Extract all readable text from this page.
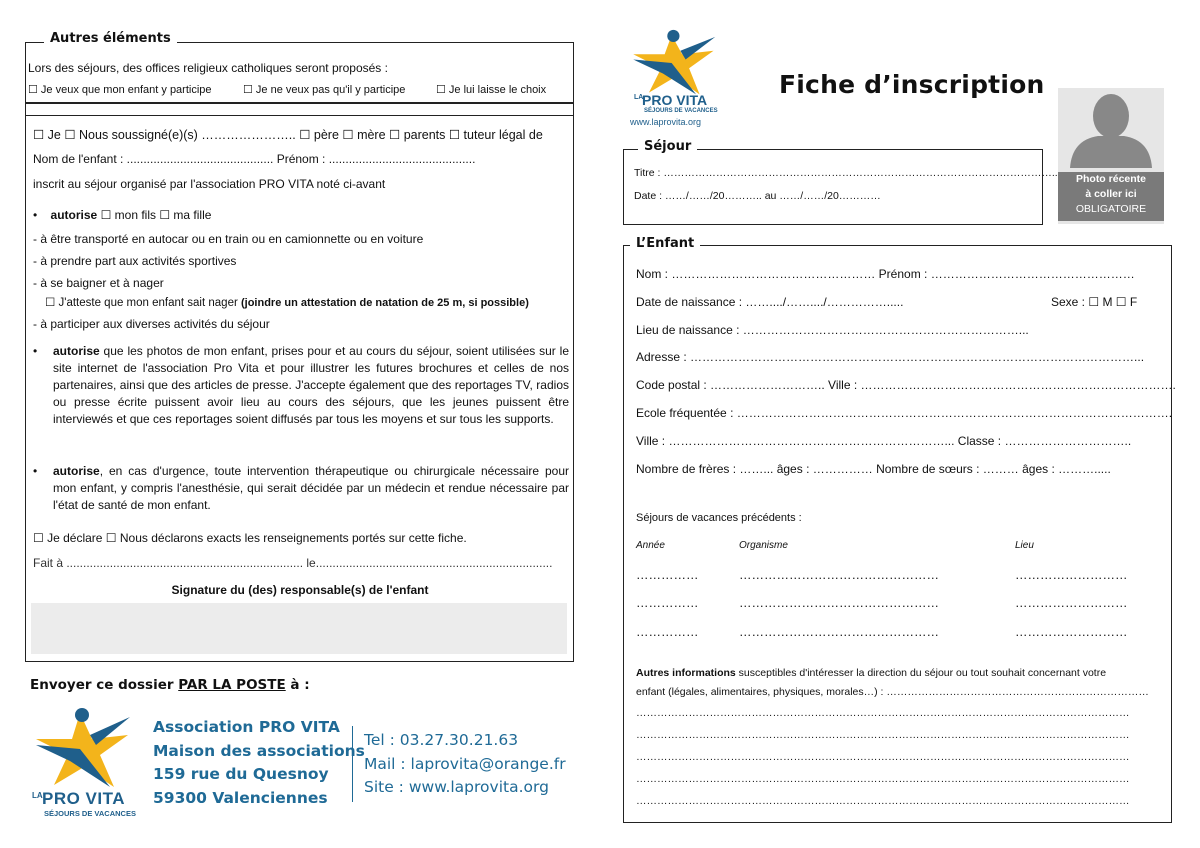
Autres éléments
Lors des séjours, des offices religieux catholiques seront proposés :
☐ Je veux que mon enfant y participe	☐ Je ne veux pas qu'il y participe	☐ Je lui laisse le choix
☐ Je ☐ Nous soussigné(e)(s) ………………….. ☐ père ☐ mère ☐ parents ☐ tuteur légal de
Nom de l'enfant : ............................................ Prénom : ............................................
inscrit au séjour organisé par l'association PRO VITA noté ci-avant
•    autorise ☐ mon fils ☐ ma fille
- à être transporté en autocar ou en train ou en camionnette ou en voiture
- à prendre part aux activités sportives
- à se baigner et à nager
☐ J'atteste que mon enfant sait nager (joindre un attestation de natation de 25 m, si possible)
- à participer aux diverses activités du séjour
• autorise que les photos de mon enfant, prises pour et au cours du séjour, soient utilisées sur le site internet de l'association Pro Vita et pour illustrer les futures brochures et celles de nos partenaires, ainsi que des articles de presse. J'accepte également que des reportages TV, radios ou presse écrite puissent avoir lieu au cours des séjours, que les jeunes puissent être interviewés et que ces reportages soient diffusés par tous les moyens et sur tous les supports.
• autorise, en cas d'urgence, toute intervention thérapeutique ou chirurgicale nécessaire pour mon enfant, y compris l'anesthésie, qui serait décidée par un médecin et rendue nécessaire par l'état de santé de mon enfant.
☐ Je déclare ☐ Nous déclarons exacts les renseignements portés sur cette fiche.
Fait à ....................................................................... le.......................................................................
Signature du (des) responsable(s) de l'enfant
Envoyer ce dossier PAR LA POSTE à :
LA PRO VITA
SÉJOURS DE VACANCES
Association PRO VITA
Maison des associations
159 rue du Quesnoy
59300 Valenciennes
Tel : 03.27.30.21.63
Mail : laprovita@orange.fr
Site : www.laprovita.org
LA
PRO VITA
SÉJOURS DE VACANCES
www.laprovita.org
Fiche d’inscription
Photo récente
à coller ici
OBLIGATOIRE
Séjour
Titre : …………………………………………………………………………………………………..
Date : ……/……/20……….. au ……/……/20…………
L’Enfant
Nom : …………………………………………… Prénom : ……………………………………………
Date de naissance : ……..../……..../…………….....	Sexe : ☐ M ☐ F
Lieu de naissance : ……………………………………………………………...
Adresse : …………………………………………………………………………………………………...
Code postal : ……………………….. Ville : …………………………………………………………………….
Ecole fréquentée : ……………………………………………………………………………………………….
Ville : ……………………………………………………………... Classe : …………………………..
Nombre de frères : ……... âges : …………… Nombre de sœurs : ……… âges : ……….....
Séjours de vacances précédents :
Année	Organisme	Lieu
……………	…………………………………………	………………………
……………	…………………………………………	………………………
……………	…………………………………………	………………………
Autres informations susceptibles d'intéresser la direction du séjour ou tout souhait concernant votre
enfant (légales, alimentaires, physiques, morales…) : …………………………………………………………………
……………………………………………………………………………………………………………………………
……………………………………………………………………………………………………………………………
……………………………………………………………………………………………………………………………
……………………………………………………………………………………………………………………………
……………………………………………………………………………………………………………………………
